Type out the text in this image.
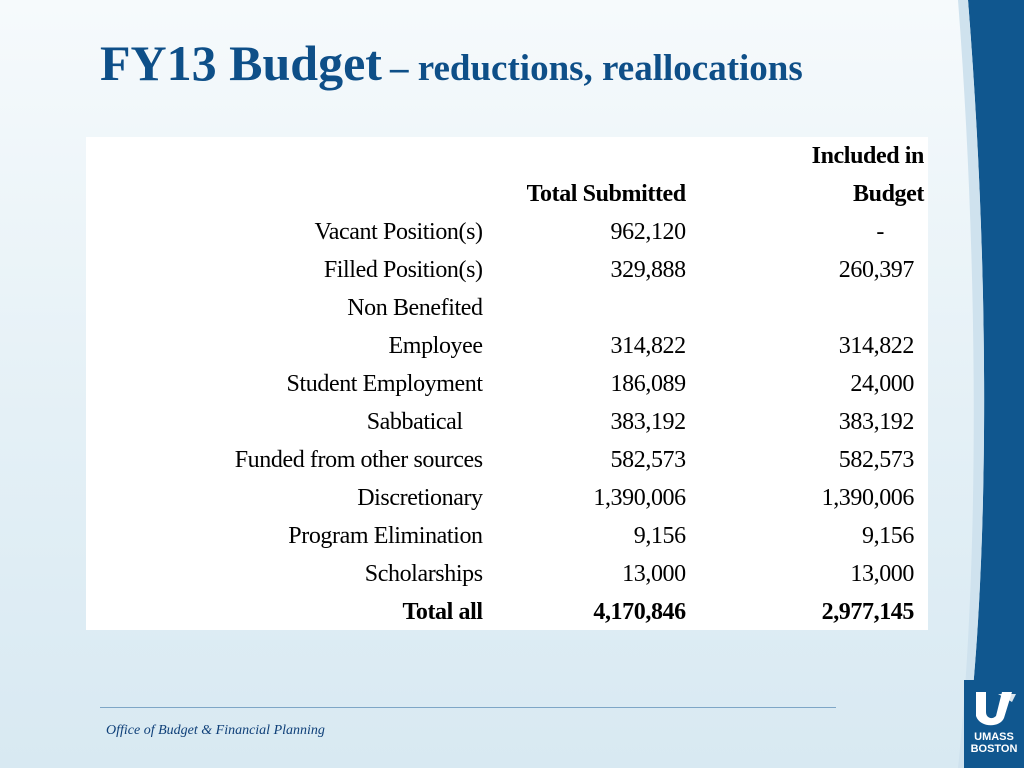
FY13 Budget – reductions, reallocations
		Included in
	Total Submitted	Budget
Vacant Position(s)	962,120	-
Filled Position(s)	329,888	260,397
Non Benefited		
Employee	314,822	314,822
Student Employment	186,089	24,000
Sabbatical	383,192	383,192
Funded from other sources	582,573	582,573
Discretionary	1,390,006	1,390,006
Program Elimination	9,156	9,156
Scholarships	13,000	13,000
Total all	4,170,846	2,977,145
Office of Budget & Financial Planning	UMASS
BOSTON
